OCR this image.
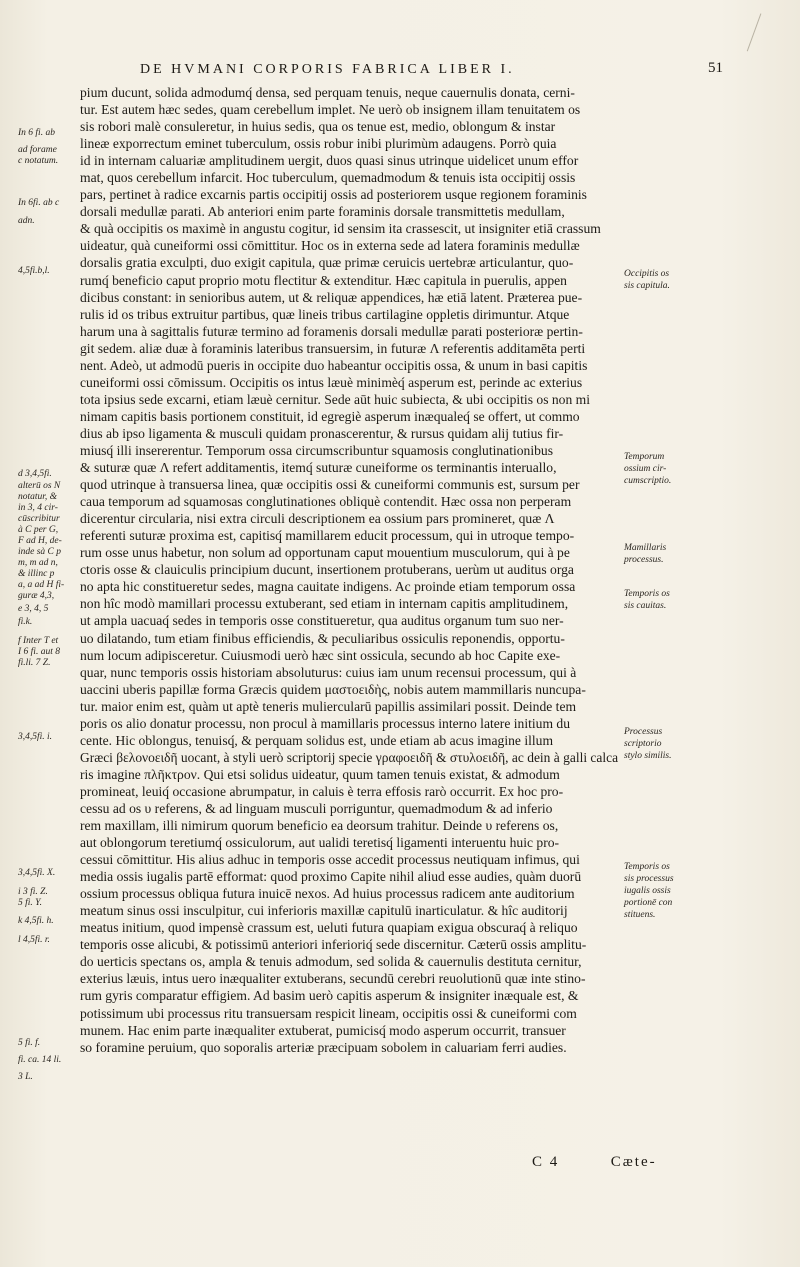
DE HVMANI CORPORIS FABRICA LIBER I.	51
pium ducunt, solida admodumq́ densa, sed perquam tenuis, neque cauernulis donata, cerni-
tur. Est autem hæc sedes, quam cerebellum implet. Ne uerò ob insignem illam tenuitatem os
sis robori malè consuleretur, in huius sedis, qua os tenue est, medio, oblongum & instar
lineæ exporrectum eminet tuberculum, ossis robur inibi plurimùm adaugens. Porrò quia
id in internam caluariæ amplitudinem uergit, duos quasi sinus utrinque uidelicet unum effor
mat, quos cerebellum infarcit. Hoc tuberculum, quemadmodum & tenuis ista occipitij ossis
pars, pertinet à radice excarnis partis occipitij ossis ad posteriorem usque regionem foraminis
dorsali medullæ parati. Ab anteriori enim parte foraminis dorsale transmittetis medullam,
& quà occipitis os maximè in angustu cogitur, id sensim ita crassescit, ut insigniter etiā crassum
uideatur, quà cuneiformi ossi cōmittitur. Hoc os in externa sede ad latera foraminis medullæ
dorsalis gratia exculpti, duo exigit capitula, quæ primæ ceruicis uertebræ articulantur, quo-
rumq́ beneficio caput proprio motu flectitur & extenditur. Hæc capitula in puerulis, appen
dicibus constant: in senioribus autem, ut & reliquæ appendices, hæ etiā latent. Præterea pue-
rulis id os tribus extruitur partibus, quæ lineis tribus cartilagine oppletis dirimuntur. Atque
harum una à sagittalis futuræ termino ad foramenis dorsali medullæ parati posterioræ pertin-
git sedem. aliæ duæ à foraminis lateribus transuersim, in futuræ Λ referentis additamēta perti
nent. Adeò, ut admodū pueris in occipite duo habeantur occipitis ossa, & unum in basi capitis
cuneiformi ossi cōmissum. Occipitis os intus læuè minimèq́ asperum est, perinde ac exterius
tota ipsius sede excarni, etiam læuè cernitur. Sede aūt huic subiecta, & ubi occipitis os non mi
nimam capitis basis portionem constituit, id egregiè asperum inæqualeq́ se offert, ut commo
dius ab ipso ligamenta & musculi quidam pronascerentur, & rursus quidam alij tutius fir-
miusq́ illi insererentur. Temporum ossa circumscribuntur squamosis conglutinationibus
& suturæ quæ Λ refert additamentis, itemq́ suturæ cuneiforme os terminantis interuallo,
quod utrinque à transuersa linea, quæ occipitis ossi & cuneiformi communis est, sursum per
caua temporum ad squamosas conglutinationes obliquè contendit. Hæc ossa non perperam
dicerentur circularia, nisi extra circuli descriptionem ea ossium pars promineret, quæ Λ
referenti suturæ proxima est, capitisq́ mamillarem educit processum, qui in utroque tempo-
rum osse unus habetur, non solum ad opportunam caput mouentium musculorum, qui à pe
ctoris osse & clauiculis principium ducunt, insertionem protuberans, uerùm ut auditus orga
no apta hic constitueretur sedes, magna cauitate indigens. Ac proinde etiam temporum ossa
non hîc modò mamillari processu extuberant, sed etiam in internam capitis amplitudinem,
ut ampla uacuaq́ sedes in temporis osse constitueretur, qua auditus organum tum suo ner-
uo dilatando, tum etiam finibus efficiendis, & peculiaribus ossiculis reponendis, opportu-
num locum adipisceretur. Cuiusmodi uerò hæc sint ossicula, secundo ab hoc Capite exe-
quar, nunc temporis ossis historiam absoluturus: cuius iam unum recensui processum, qui à
uaccini uberis papillæ forma Græcis quidem μαστοειδὴς, nobis autem mammillaris nuncupa-
tur. maior enim est, quàm ut aptè teneris muliercularū papillis assimilari possit. Deinde tem
poris os alio donatur processu, non procul à mamillaris processus interno latere initium du
cente. Hic oblongus, tenuisq́, & perquam solidus est, unde etiam ab acus imagine illum
Græci βελονοειδῆ uocant, à styli uerò scriptorij specie γραφοειδῆ & στυλοειδῆ, ac dein à galli calca
ris imagine πλῆκτρον. Qui etsi solidus uideatur, quum tamen tenuis existat, & admodum
promineat, leuiq́ occasione abrumpatur, in caluis è terra effosis rarò occurrit. Ex hoc pro-
cessu ad os υ referens, & ad linguam musculi porriguntur, quemadmodum & ad inferio
rem maxillam, illi nimirum quorum beneficio ea deorsum trahitur. Deinde υ referens os,
aut oblongorum teretiumq́ ossiculorum, aut ualidi teretisq́ ligamenti interuentu huic pro-
cessui cōmittitur. His alius adhuc in temporis osse accedit processus neutiquam infimus, qui
media ossis iugalis partē efformat: quod proximo Capite nihil aliud esse audies, quàm duorū
ossium processus obliqua futura inuicē nexos. Ad huius processus radicem ante auditorium
meatum sinus ossi insculpitur, cui inferioris maxillæ capitulū inarticulatur. & hîc auditorij
meatus initium, quod impensè crassum est, ueluti futura quapiam exigua obscuraq́ à reliquo
temporis osse alicubi, & potissimū anteriori inferioriq́ sede discernitur. Cæterū ossis amplitu-
do uerticis spectans os, ampla & tenuis admodum, sed solida & cauernulis destituta cernitur,
exterius læuis, intus uero inæqualiter extuberans, secundū cerebri reuolutionū quæ inte stino-
rum gyris comparatur effigiem. Ad basim uerò capitis asperum & insigniter inæquale est, &
potissimum ubi processus ritu transuersam respicit lineam, occipitis ossi & cuneiformi com
munem. Hac enim parte inæqualiter extuberat, pumicisq́ modo asperum occurrit, transuer
so foramine peruium, quo soporalis arteriæ præcipuam sobolem in caluariam ferri audies.
In 6 fi. ab
ad forame
c notatum.
In 6fi. ab c
adn.
4,5fi.b,l.
d 3,4,5fi.
alterū os N
notatur, &
in 3, 4 cir-
cūscribitur
à C per G,
F ad H, de-
inde sà C p
m, m ad n,
& illinc p
a, a ad H fi-
guræ 4,3,
e 3, 4, 5
fi.k.
f Inter T et
I 6 fi. aut 8
fi.li. 7 Z.
3,4,5fi. i.
3,4,5fi. X.
i 3 fi. Z.
5 fi. Y.
k 4,5fi. h.
l 4,5fi. r.
5 fi. f.
fi. ca. 14 li.
3 L.
Occipitis os
sis capitula.
Temporum
ossium cir-
cumscriptio.
Mamillaris
processus.
Temporis os
sis cauitas.
Processus
scriptorio
stylo similis.
Temporis os
sis processus
iugalis ossis
portionē con
stituens.
C 4	Cæte-
